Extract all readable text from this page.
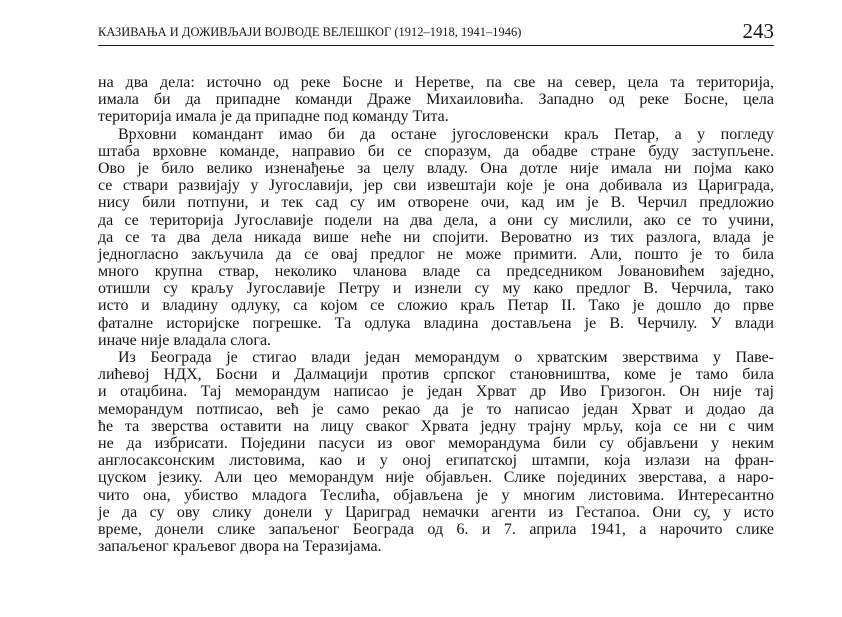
КАЗИВАЊА И ДОЖИВЉАЈИ ВОЈВОДЕ ВЕЛЕШКОГ (1912–1918, 1941–1946)	243
на два дела: источно од реке Босне и Неретве, па све на север, цела та територија,
имала би да припадне команди Драже Михаиловића. Западно од реке Босне, цела
територија имала је да припадне под команду Тита.
Врховни командант имао би да остане југословенски краљ Петар, а у погледу
штаба врховне команде, направио би се споразум, да обадве стране буду заступљене.
Ово је било велико изненађење за целу владу. Она дотле није имала ни појма како
се ствари развијају у Југославији, јер сви извештаји које је она добивала из Цариграда,
нису били потпуни, и тек сад су им отворене очи, кад им је В. Черчил предложио
да се територија Југославије подели на два дела, а они су мислили, ако се то учини,
да се та два дела никада више неће ни спојити. Вероватно из тих разлога, влада је
једногласно закључила да се овај предлог не може примити. Али, пошто је то била
много крупна ствар, неколико чланова владе са председником Јовановићем заједно,
отишли су краљу Југославије Петру и изнели су му како предлог В. Черчила, тако
исто и владину одлуку, са којом се сложио краљ Петар II. Тако је дошло до прве
фаталне историјске погрешке. Та одлука владина достављена је В. Черчилу. У влади
иначе није владала слога.
Из Београда је стигао влади један меморандум о хрватским зверствима у Паве-
лићевој НДХ, Босни и Далмацији против српског становништва, коме је тамо била
и отаџбина. Тај меморандум написао је један Хрват др Иво Гризогон. Он није тај
меморандум потписао, већ је само рекао да је то написао један Хрват и додао да
ће та зверства оставити на лицу сваког Хрвата једну трајну мрљу, која се ни с чим
не да избрисати. Поједини пасуси из овог меморандума били су објављени у неким
англосаксонским листовима, као и у оној египатској штампи, која излази на фран-
цуском језику. Али цео меморандум није објављен. Слике појединих зверстава, а наро-
чито она, убиство младога Теслића, објављена је у многим листовима. Интересантно
је да су ову слику донели у Цариград немачки агенти из Гестапоа. Они су, у исто
време, донели слике запаљеног Београда од 6. и 7. априла 1941, а нарочито слике
запаљеног краљевог двора на Теразијама.
